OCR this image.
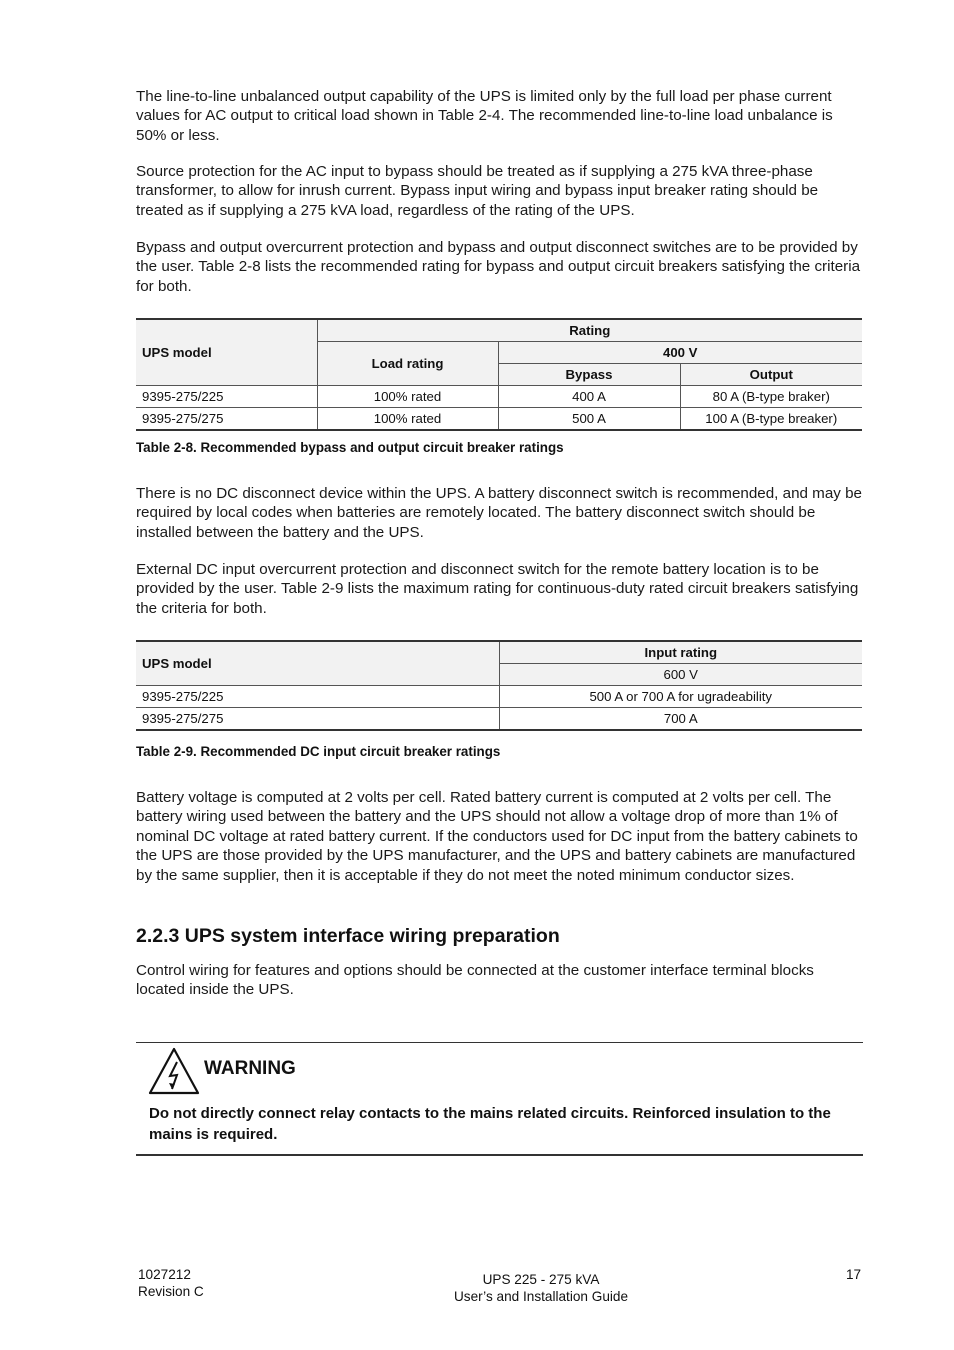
The line-to-line unbalanced output capability of the UPS is limited only by the full load per phase current values for AC output to critical load shown in Table 2-4. The recommended line-to-line load unbalance is 50% or less.

Source protection for the AC input to bypass should be treated as if supplying a 275 kVA three-phase transformer, to allow for inrush current. Bypass input wiring and bypass input breaker rating should be treated as if supplying a 275 kVA load, regardless of the rating of the UPS.

Bypass and output overcurrent protection and bypass and output disconnect switches are to be provided by the user. Table 2-8 lists the recommended rating for bypass and output circuit breakers satisfying the criteria for both.

UPS model	Rating		
	Load rating	400 V	
		Bypass	Output
9395-275/225	100% rated	400 A	80 A (B-type braker)
9395-275/275	100% rated	500 A	100 A (B-type breaker)
Table 2-8. Recommended bypass and output circuit breaker ratings

There is no DC disconnect device within the UPS. A battery disconnect switch is recommended, and may be required by local codes when batteries are remotely located. The battery disconnect switch should be installed between the battery and the UPS.

External DC input overcurrent protection and disconnect switch for the remote battery location is to be provided by the user. Table 2-9 lists the maximum rating for continuous-duty rated circuit breakers satisfying the criteria for both.

UPS model	Input rating
	600 V
9395-275/225	500 A or 700 A for ugradeability
9395-275/275	700 A
Table 2-9. Recommended DC input circuit breaker ratings

Battery voltage is computed at 2 volts per cell. Rated battery current is computed at 2 volts per cell. The battery wiring used between the battery and the UPS should not allow a voltage drop of more than 1% of nominal DC voltage at rated battery current. If the conductors used for DC input from the battery cabinets to the UPS are those provided by the UPS manufacturer, and the UPS and battery cabinets are manufactured by the same supplier, then it is acceptable if they do not meet the noted minimum conductor sizes.

2.2.3 UPS system interface wiring preparation

Control wiring for features and options should be connected at the customer interface terminal blocks located inside the UPS.

WARNING
Do not directly connect relay contacts to the mains related circuits. Reinforced insulation to the mains is required.
1027212
Revision C
UPS 225 - 275 kVA
User’s and Installation Guide
17
